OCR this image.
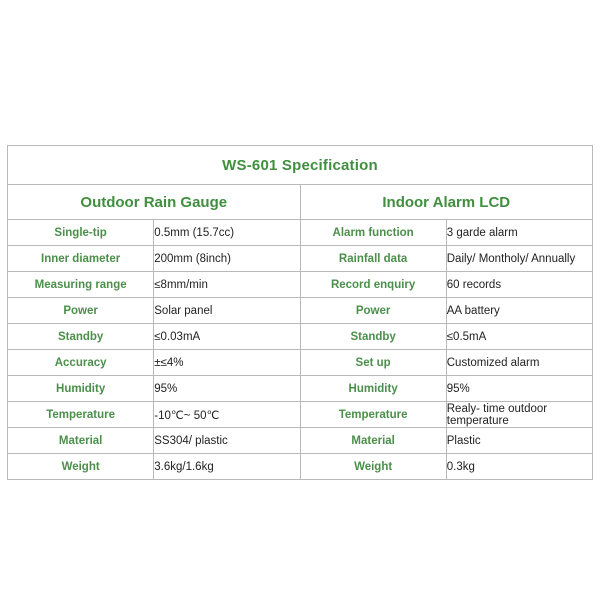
WS-601 Specification			
Outdoor Rain Gauge		Indoor Alarm LCD	
Single-tip	0.5mm (15.7cc)	Alarm function	3 garde alarm
Inner diameter	200mm (8inch)	Rainfall data	Daily/ Montholy/ Annually
Measuring range	≤8mm/min	Record enquiry	60 records
Power	Solar panel	Power	AA battery
Standby	≤0.03mA	Standby	≤0.5mA
Accuracy	±≤4%	Set up	Customized alarm
Humidity	95%	Humidity	95%
Temperature	-10℃~ 50℃	Temperature	Realy- time outdoor temperature
Material	SS304/ plastic	Material	Plastic
Weight	3.6kg/1.6kg	Weight	0.3kg
